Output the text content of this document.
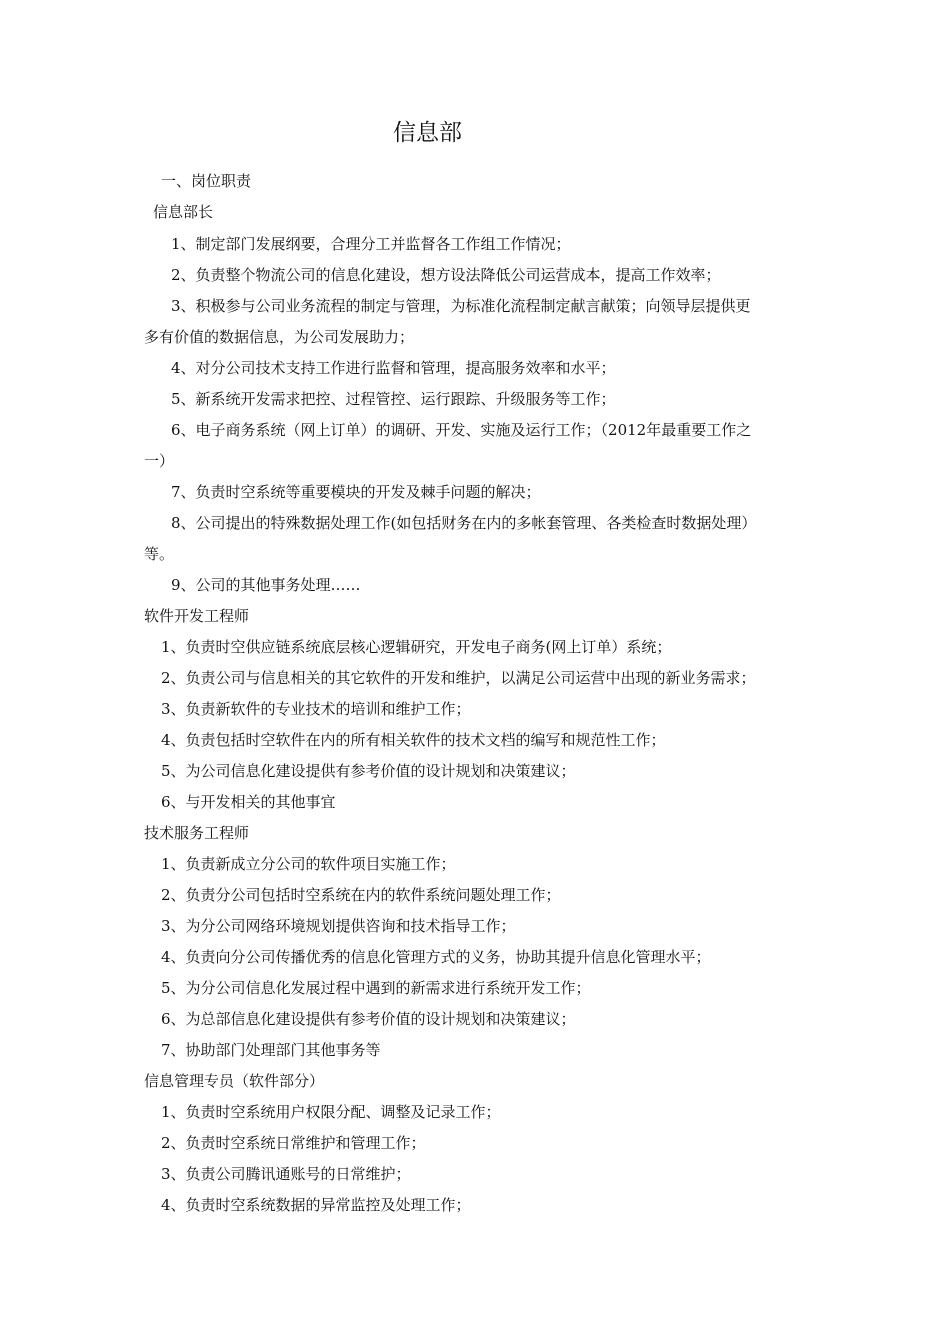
信息部
一、岗位职责
信息部长
1、制定部门发展纲要，合理分工并监督各工作组工作情况；
2、负责整个物流公司的信息化建设，想方设法降低公司运营成本，提高工作效率；
3、积极参与公司业务流程的制定与管理，为标准化流程制定献言献策；向领导层提供更
多有价值的数据信息，为公司发展助力；
4、对分公司技术支持工作进行监督和管理，提高服务效率和水平；
5、新系统开发需求把控、过程管控、运行跟踪、升级服务等工作；
6、电子商务系统（网上订单）的调研、开发、实施及运行工作；（2012年最重要工作之
一）
7、负责时空系统等重要模块的开发及棘手问题的解决；
8、公司提出的特殊数据处理工作(如包括财务在内的多帐套管理、各类检查时数据处理）
等。
9、公司的其他事务处理……
软件开发工程师
1、负责时空供应链系统底层核心逻辑研究，开发电子商务(网上订单）系统；
2、负责公司与信息相关的其它软件的开发和维护，以满足公司运营中出现的新业务需求；
3、负责新软件的专业技术的培训和维护工作；
4、负责包括时空软件在内的所有相关软件的技术文档的编写和规范性工作；
5、为公司信息化建设提供有参考价值的设计规划和决策建议；
6、与开发相关的其他事宜
技术服务工程师
1、负责新成立分公司的软件项目实施工作；
2、负责分公司包括时空系统在内的软件系统问题处理工作；
3、为分公司网络环境规划提供咨询和技术指导工作；
4、负责向分公司传播优秀的信息化管理方式的义务，协助其提升信息化管理水平；
5、为分公司信息化发展过程中遇到的新需求进行系统开发工作；
6、为总部信息化建设提供有参考价值的设计规划和决策建议；
7、协助部门处理部门其他事务等
信息管理专员（软件部分）
1、负责时空系统用户权限分配、调整及记录工作；
2、负责时空系统日常维护和管理工作；
3、负责公司腾讯通账号的日常维护；
4、负责时空系统数据的异常监控及处理工作；
